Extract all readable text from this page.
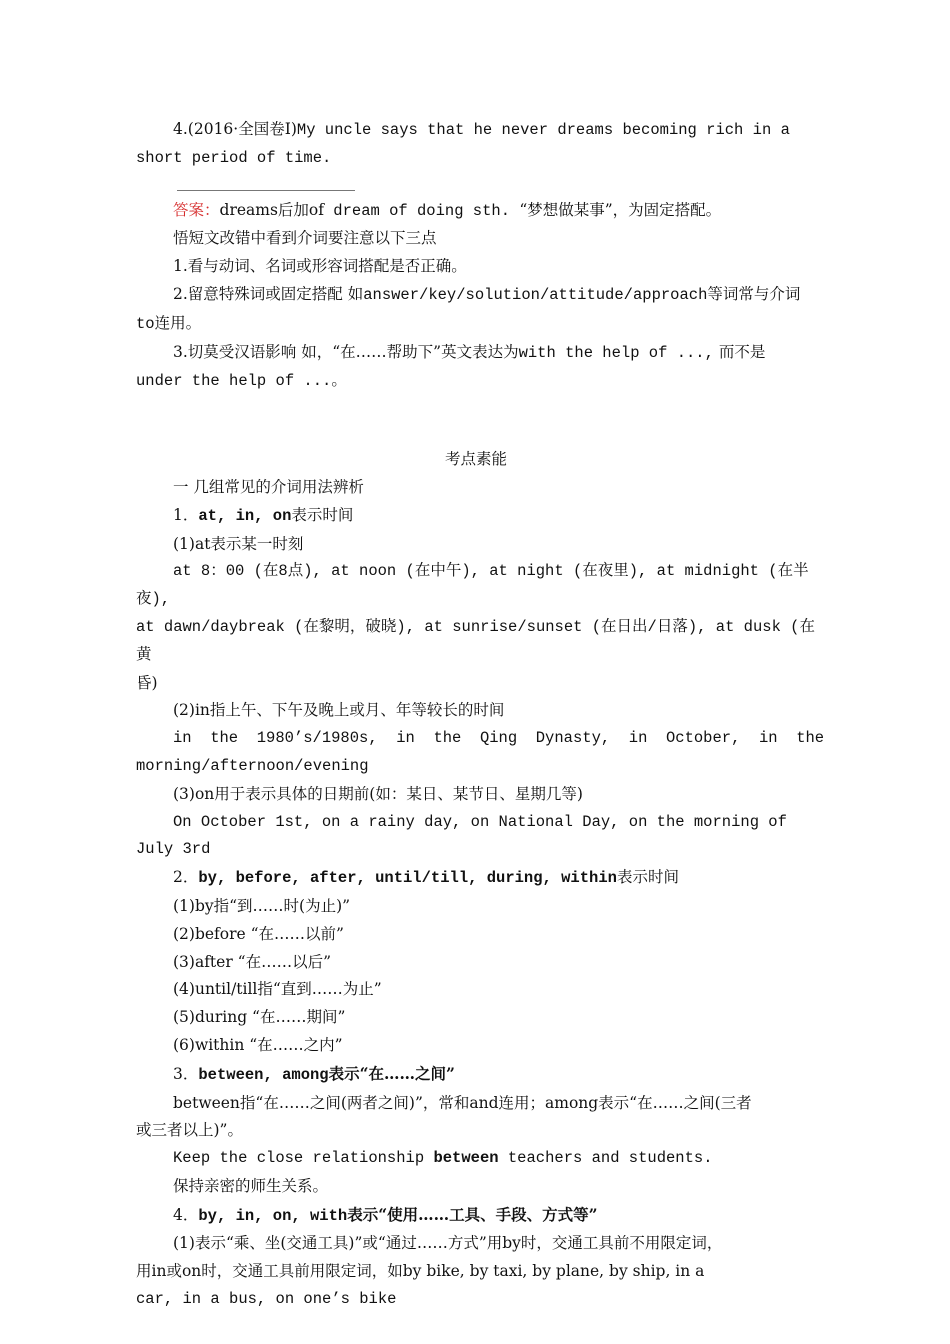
4.(2016·全国卷Ⅰ)My uncle says that he never dreams becoming rich in a

short period of time.

答案：dreams后加of dream of doing sth. “梦想做某事”，为固定搭配。

悟短文改错中看到介词要注意以下三点

1.看与动词、名词或形容词搭配是否正确。

2.留意特殊词或固定搭配 如answer/key/solution/attitude/approach等词常与介词

to连用。

3.切莫受汉语影响 如，“在……帮助下”英文表达为with the help of ..., 而不是

under the help of ...。

考点素能

一 几组常见的介词用法辨析

1．at, in, on表示时间

(1)at表示某一时刻

at 8：00 (在8点), at noon (在中午), at night (在夜里), at midnight (在半夜),

at dawn/daybreak (在黎明，破晓), at sunrise/sunset (在日出/日落), at dusk (在黄

昏)

(2)in指上午、下午及晚上或月、年等较长的时间

in  the  1980’s/1980s,  in  the  Qing  Dynasty,  in  October,  in  the

morning/afternoon/evening

(3)on用于表示具体的日期前(如：某日、某节日、星期几等)

On October 1st, on a rainy day, on National Day, on the morning of July 3rd

2．by, before, after, until/till, during, within表示时间

(1)by指“到……时(为止)”

(2)before “在……以前”

(3)after “在……以后”

(4)until/till指“直到……为止”

(5)during “在……期间”

(6)within “在……之内”

3．between, among表示“在……之间”

between指“在……之间(两者之间)”，常和and连用；among表示“在……之间(三者

或三者以上)”。

Keep the close relationship between teachers and students.

保持亲密的师生关系。

4．by, in, on, with表示“使用……工具、手段、方式等”

(1)表示“乘、坐(交通工具)”或“通过……方式”用by时，交通工具前不用限定词，

用in或on时，交通工具前用限定词，如by bike, by taxi, by plane, by ship, in a

car, in a bus, on one’s bike
